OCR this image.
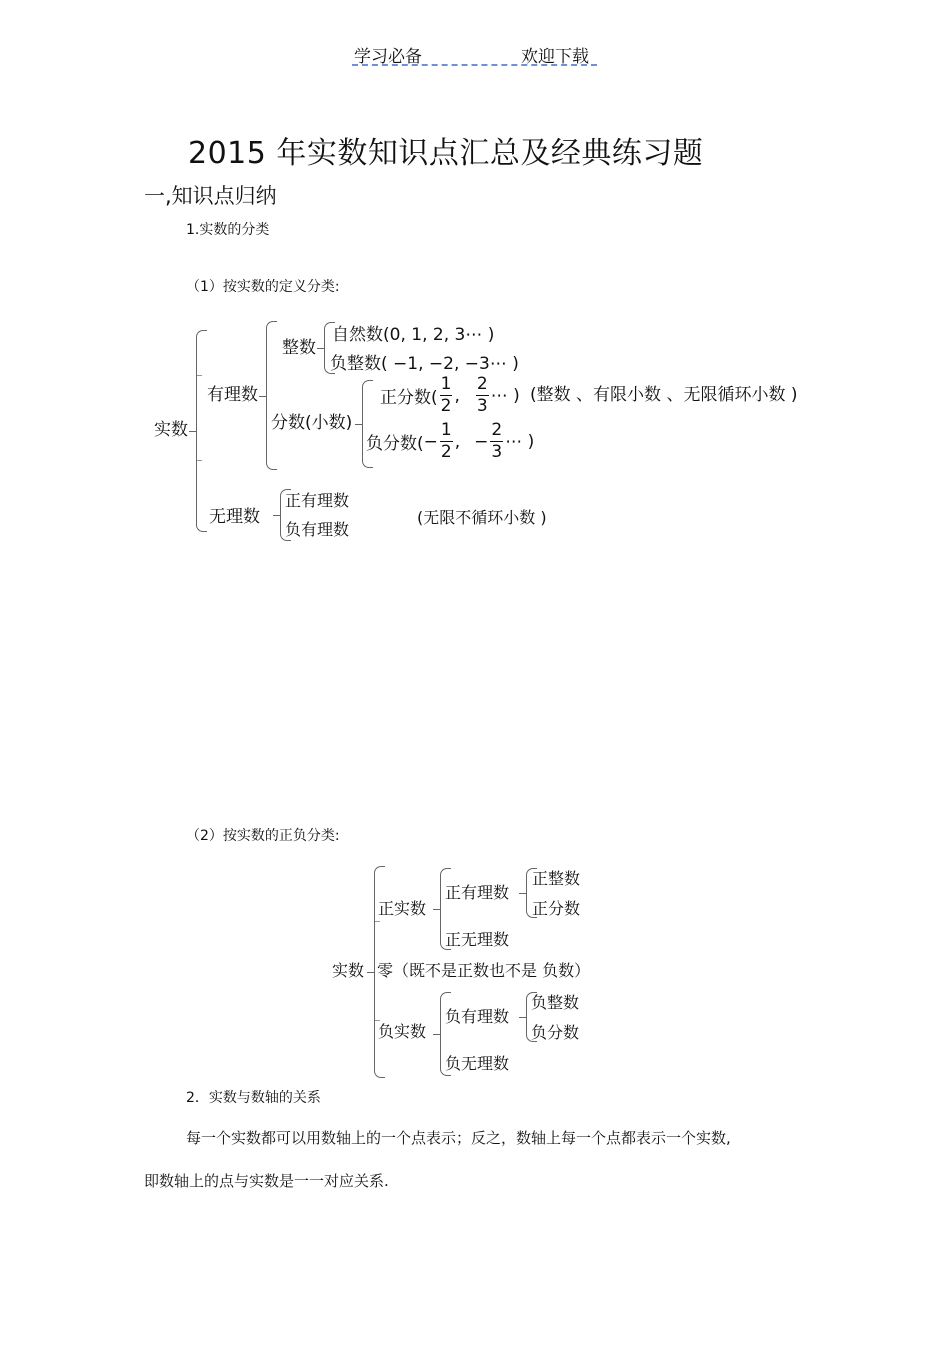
学习必备	欢迎下载
2015 年实数知识点汇总及经典练习题
一,知识点归纳
1.实数的分类
（1）按实数的定义分类:
实数
有理数
整数
自然数(0, 1, 2, 3⋯ )
负整数( −1, −2, −3⋯ )
分数(小数)
正分数( $\frac{1}{2}$ , $\frac{2}{3}$ ⋯ ) (整数 、有限小数 、无限循环小数 )
负分数( − $\frac{1}{2}$ , − $\frac{2}{3}$ ⋯ )
无理数
正有理数
负有理数
(无限不循环小数 )
（2）按实数的正负分类:
实数
正实数
正有理数
正整数
正分数
正无理数
零（既不是正数也不是 负数）
负实数
负有理数
负整数
负分数
负无理数
2．实数与数轴的关系
每一个实数都可以用数轴上的一个点表示；反之，数轴上每一个点都表示一个实数,
即数轴上的点与实数是一一对应关系.
